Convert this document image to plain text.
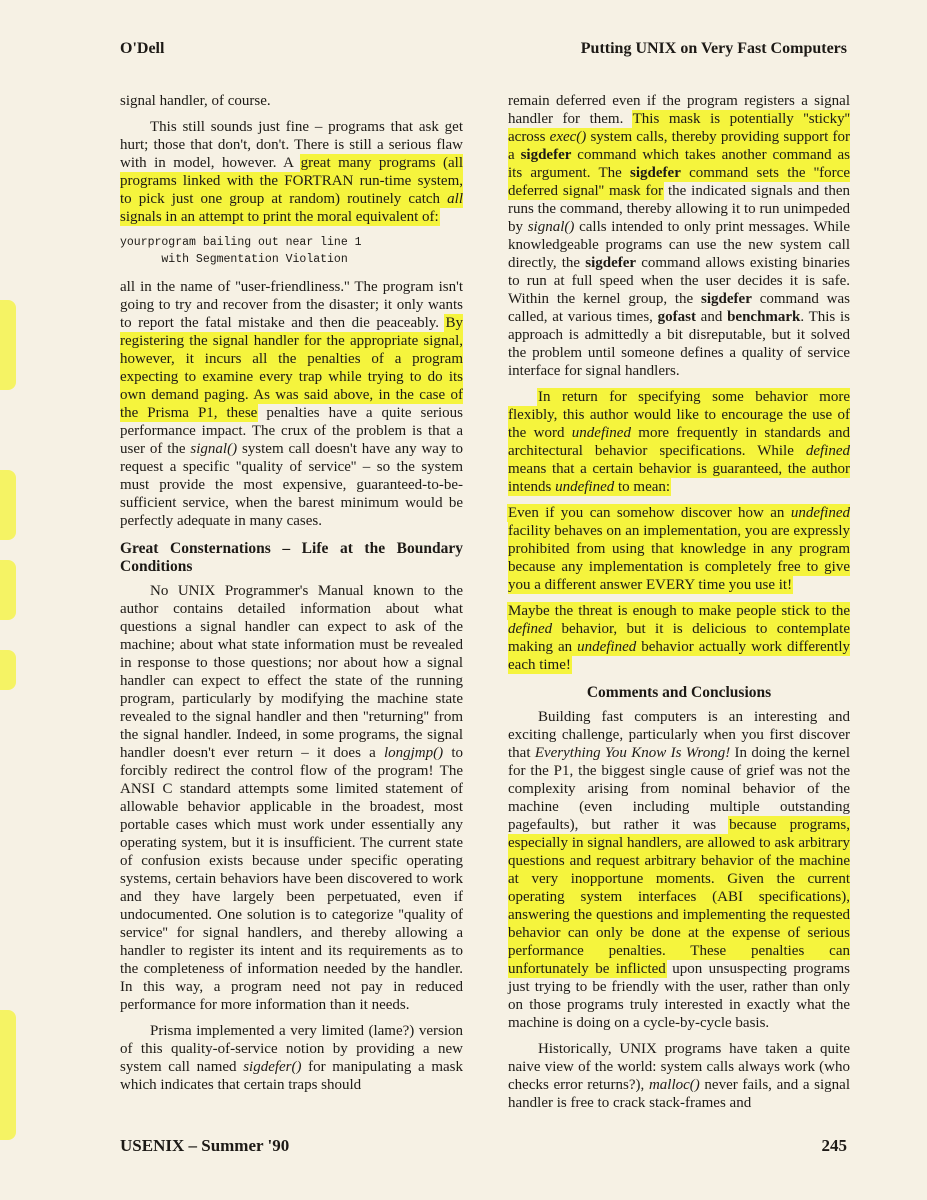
O'Dell	Putting UNIX on Very Fast Computers

signal handler, of course.

This still sounds just fine – programs that ask get hurt; those that don't, don't. There is still a serious flaw with in model, however. A great many programs (all programs linked with the FORTRAN run-time system, to pick just one group at random) routinely catch all signals in an attempt to print the moral equivalent of:

yourprogram bailing out near line 1
with Segmentation Violation

all in the name of ''user-friendliness.'' The program isn't going to try and recover from the disaster; it only wants to report the fatal mistake and then die peaceably. By registering the signal handler for the appropriate signal, however, it incurs all the penalties of a program expecting to examine every trap while trying to do its own demand paging. As was said above, in the case of the Prisma P1, these penalties have a quite serious performance impact. The crux of the problem is that a user of the signal() system call doesn't have any way to request a specific ''quality of service'' – so the system must provide the most expensive, guaranteed-to-be-sufficient service, when the barest minimum would be perfectly adequate in many cases.

Great Consternations – Life at the Boundary Conditions

No UNIX Programmer's Manual known to the author contains detailed information about what questions a signal handler can expect to ask of the machine; about what state information must be revealed in response to those questions; nor about how a signal handler can expect to effect the state of the running program, particularly by modifying the machine state revealed to the signal handler and then ''returning'' from the signal handler. Indeed, in some programs, the signal handler doesn't ever return – it does a longjmp() to forcibly redirect the control flow of the program! The ANSI C standard attempts some limited statement of allowable behavior applicable in the broadest, most portable cases which must work under essentially any operating system, but it is insufficient. The current state of confusion exists because under specific operating systems, certain behaviors have been discovered to work and they have largely been perpetuated, even if undocumented. One solution is to categorize ''quality of service'' for signal handlers, and thereby allowing a handler to register its intent and its requirements as to the completeness of information needed by the handler. In this way, a program need not pay in reduced performance for more information than it needs.

Prisma implemented a very limited (lame?) version of this quality-of-service notion by providing a new system call named sigdefer() for manipulating a mask which indicates that certain traps should

remain deferred even if the program registers a signal handler for them. This mask is potentially ''sticky'' across exec() system calls, thereby providing support for a sigdefer command which takes another command as its argument. The sigdefer command sets the ''force deferred signal'' mask for the indicated signals and then runs the command, thereby allowing it to run unimpeded by signal() calls intended to only print messages. While knowledgeable programs can use the new system call directly, the sigdefer command allows existing binaries to run at full speed when the user decides it is safe. Within the kernel group, the sigdefer command was called, at various times, gofast and benchmark. This is approach is admittedly a bit disreputable, but it solved the problem until someone defines a quality of service interface for signal handlers.

In return for specifying some behavior more flexibly, this author would like to encourage the use of the word undefined more frequently in standards and architectural behavior specifications. While defined means that a certain behavior is guaranteed, the author intends undefined to mean:

Even if you can somehow discover how an undefined facility behaves on an implementation, you are expressly prohibited from using that knowledge in any program because any implementation is completely free to give you a different answer EVERY time you use it!

Maybe the threat is enough to make people stick to the defined behavior, but it is delicious to contemplate making an undefined behavior actually work differently each time!

Comments and Conclusions

Building fast computers is an interesting and exciting challenge, particularly when you first discover that Everything You Know Is Wrong! In doing the kernel for the P1, the biggest single cause of grief was not the complexity arising from nominal behavior of the machine (even including multiple outstanding pagefaults), but rather it was because programs, especially in signal handlers, are allowed to ask arbitrary questions and request arbitrary behavior of the machine at very inopportune moments. Given the current operating system interfaces (ABI specifications), answering the questions and implementing the requested behavior can only be done at the expense of serious performance penalties. These penalties can unfortunately be inflicted upon unsuspecting programs just trying to be friendly with the user, rather than only on those programs truly interested in exactly what the machine is doing on a cycle-by-cycle basis.

Historically, UNIX programs have taken a quite naive view of the world: system calls always work (who checks error returns?), malloc() never fails, and a signal handler is free to crack stack-frames and

USENIX – Summer '90	245
